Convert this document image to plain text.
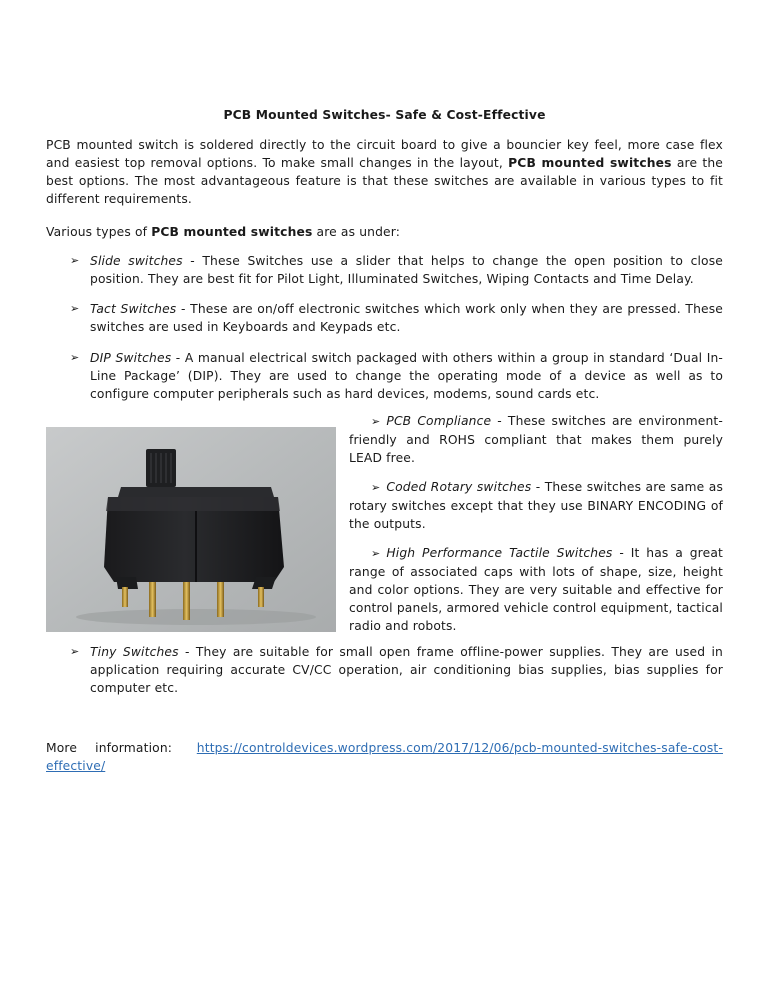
PCB Mounted Switches- Safe & Cost-Effective

PCB mounted switch is soldered directly to the circuit board to give a bouncier key feel, more case flex and easiest top removal options. To make small changes in the layout, PCB mounted switches are the best options. The most advantageous feature is that these switches are available in various types to fit different requirements.

Various types of PCB mounted switches are as under:

➢ Slide switches - These Switches use a slider that helps to change the open position to close position. They are best fit for Pilot Light, Illuminated Switches, Wiping Contacts and Time Delay.

➢ Tact Switches - These are on/off electronic switches which work only when they are pressed. These switches are used in Keyboards and Keypads etc.

➢ DIP Switches - A manual electrical switch packaged with others within a group in standard ‘Dual In-Line Package’ (DIP). They are used to change the operating mode of a device as well as to configure computer peripherals such as hard devices, modems, sound cards etc.

➢ PCB Compliance - These switches are environment-friendly and ROHS compliant that makes them purely LEAD free.

➢ Coded Rotary switches - These switches are same as rotary switches except that they use BINARY ENCODING of the outputs.

➢ High Performance Tactile Switches - It has a great range of associated caps with lots of shape, size, height and color options. They are very suitable and effective for control panels, armored vehicle control equipment, tactical radio and robots.

➢ Tiny Switches - They are suitable for small open frame offline-power supplies. They are used in application requiring accurate CV/CC operation, air conditioning bias supplies, bias supplies for computer etc.

More information:	https://controldevices.wordpress.com/2017/12/06/pcb-mounted-switches-safe-cost-
effective/
